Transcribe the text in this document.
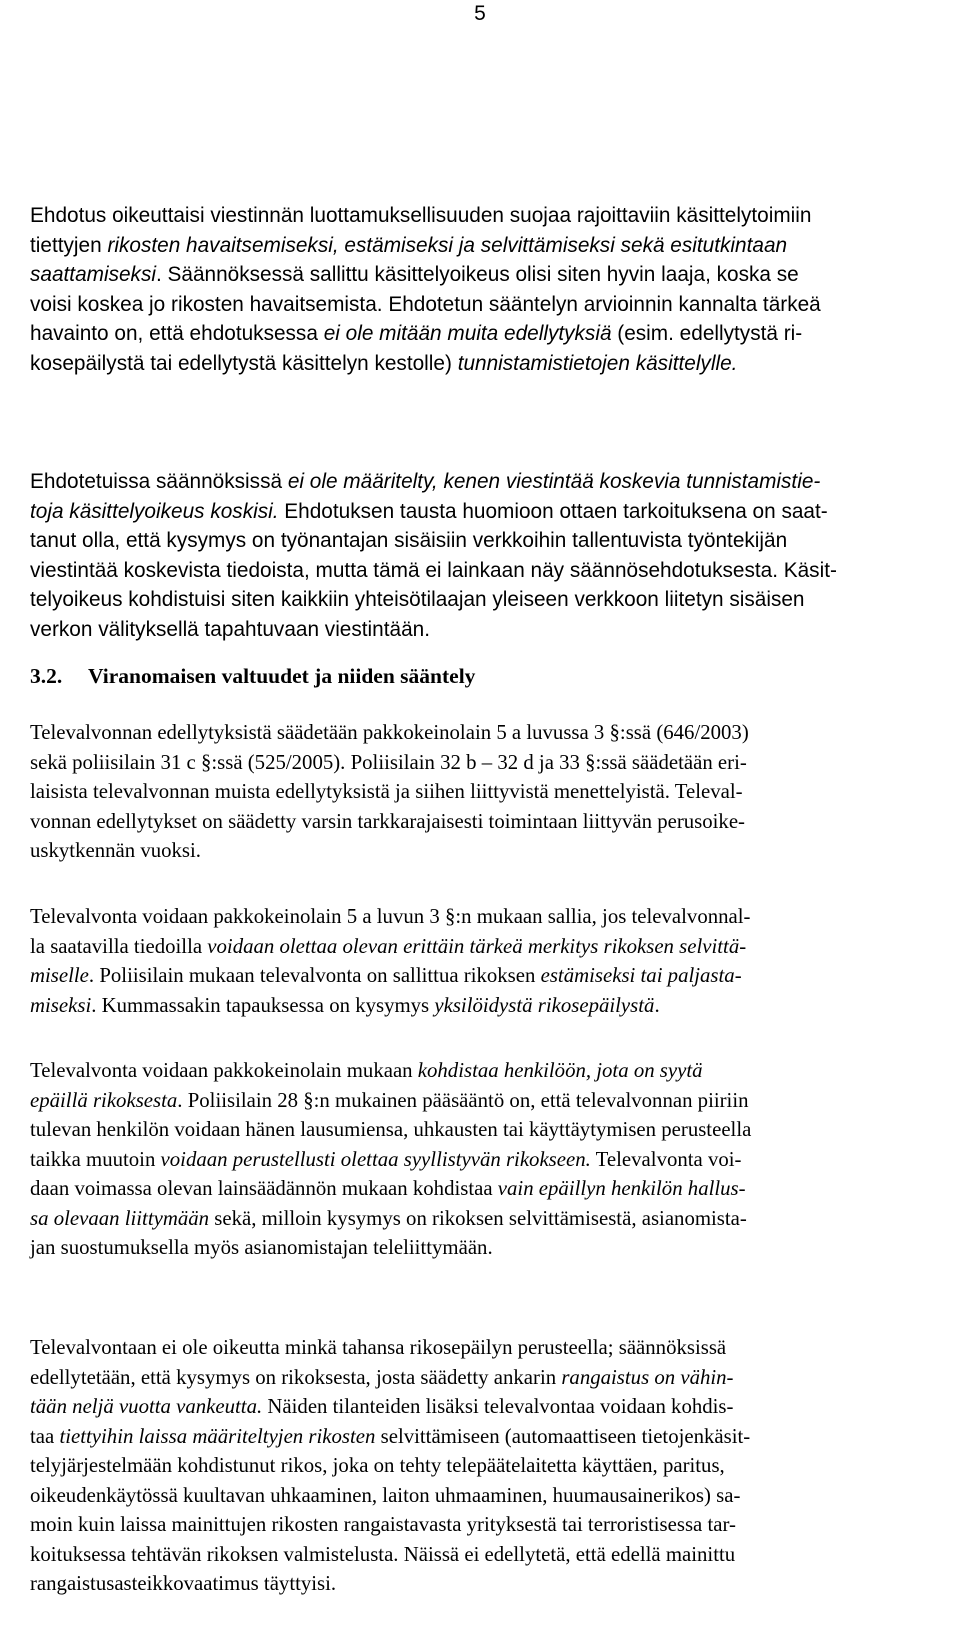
5

Ehdotus oikeuttaisi viestinnän luottamuksellisuuden suojaa rajoittaviin käsittelytoimiin
tiettyjen rikosten havaitsemiseksi, estämiseksi ja selvittämiseksi sekä esitutkintaan
saattamiseksi. Säännöksessä sallittu käsittelyoikeus olisi siten hyvin laaja, koska se
voisi koskea jo rikosten havaitsemista. Ehdotetun sääntelyn arvioinnin kannalta tärkeä
havainto on, että ehdotuksessa ei ole mitään muita edellytyksiä (esim. edellytystä ri-
kosepäilystä tai edellytystä käsittelyn kestolle) tunnistamistietojen käsittelylle.

Ehdotetuissa säännöksissä ei ole määritelty, kenen viestintää koskevia tunnistamistie-
toja käsittelyoikeus koskisi. Ehdotuksen tausta huomioon ottaen tarkoituksena on saat-
tanut olla, että kysymys on työnantajan sisäisiin verkkoihin tallentuvista työntekijän
viestintää koskevista tiedoista, mutta tämä ei lainkaan näy säännösehdotuksesta. Käsit-
telyoikeus kohdistuisi siten kaikkiin yhteisötilaajan yleiseen verkkoon liitetyn sisäisen
verkon välityksellä tapahtuvaan viestintään.

3.2. Viranomaisen valtuudet ja niiden sääntely

Televalvonnan edellytyksistä säädetään pakkokeinolain 5 a luvussa 3 §:ssä (646/2003)
sekä poliisilain 31 c §:ssä (525/2005). Poliisilain 32 b – 32 d ja 33 §:ssä säädetään eri-
laisista televalvonnan muista edellytyksistä ja siihen liittyvistä menettelyistä. Televal-
vonnan edellytykset on säädetty varsin tarkkarajaisesti toimintaan liittyvän perusoike-
uskytkennän vuoksi.

Televalvonta voidaan pakkokeinolain 5 a luvun 3 §:n mukaan sallia, jos televalvonnal-
la saatavilla tiedoilla voidaan olettaa olevan erittäin tärkeä merkitys rikoksen selvittä-
miselle. Poliisilain mukaan televalvonta on sallittua rikoksen estämiseksi tai paljasta-
miseksi. Kummassakin tapauksessa on kysymys yksilöidystä rikosepäilystä.

Televalvonta voidaan pakkokeinolain mukaan kohdistaa henkilöön, jota on syytä
epäillä rikoksesta. Poliisilain 28 §:n mukainen pääsääntö on, että televalvonnan piiriin
tulevan henkilön voidaan hänen lausumiensa, uhkausten tai käyttäytymisen perusteella
taikka muutoin voidaan perustellusti olettaa syyllistyvän rikokseen. Televalvonta voi-
daan voimassa olevan lainsäädännön mukaan kohdistaa vain epäillyn henkilön hallus-
sa olevaan liittymään sekä, milloin kysymys on rikoksen selvittämisestä, asianomista-
jan suostumuksella myös asianomistajan teleliittymään.

Televalvontaan ei ole oikeutta minkä tahansa rikosepäilyn perusteella; säännöksissä
edellytetään, että kysymys on rikoksesta, josta säädetty ankarin rangaistus on vähin-
tään neljä vuotta vankeutta. Näiden tilanteiden lisäksi televalvontaa voidaan kohdis-
taa tiettyihin laissa määriteltyjen rikosten selvittämiseen (automaattiseen tietojenkäsit-
telyjärjestelmään kohdistunut rikos, joka on tehty telepäätelaitetta käyttäen, paritus,
oikeudenkäytössä kuultavan uhkaaminen, laiton uhmaaminen, huumausainerikos) sa-
moin kuin laissa mainittujen rikosten rangaistavasta yrityksestä tai terroristisessa tar-
koituksessa tehtävän rikoksen valmistelusta. Näissä ei edellytetä, että edellä mainittu
rangaistusasteikkovaatimus täyttyisi.
